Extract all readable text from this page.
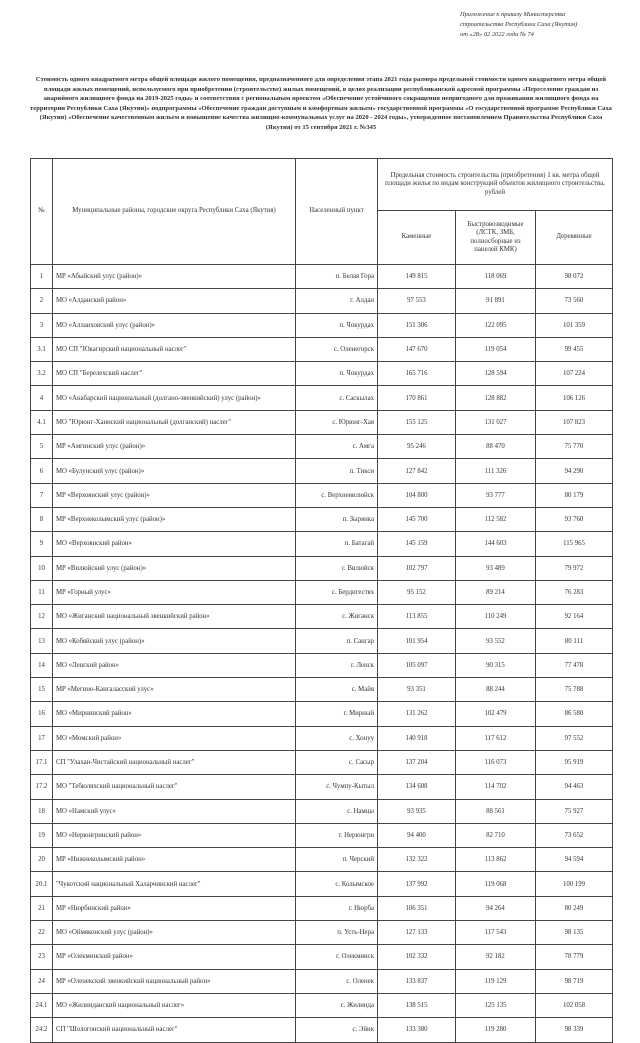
Приложение к приказу Министерства
строительства Республики Саха (Якутия)
от «28» 02 2022 года № 74
Стоимость одного квадратного метра общей площади жилого помещения, предназначенного для определения этапа 2021 года размера предельной стоимости одного квадратного метра общей площади жилых помещений, используемого при приобретении (строительстве) жилых помещений, в целях реализации республиканской адресной программы «Переселение граждан из аварийного жилищного фонда на 2019-2025 годы» и соответствия с региональным проектом «Обеспечение устойчивого сокращения непригодного для проживания жилищного фонда на территории Республики Саха (Якутия)» подпрограммы «Обеспечение граждан доступным и комфортным жильем» государственной программы «О государственной программе Республики Саха (Якутия) «Обеспечение качественным жильем и повышение качества жилищно-коммунальных услуг на 2020 - 2024 годы», утвержденное постановлением Правительства Республики Саха (Якутия) от 15 сентября 2021 г. №345
№	Муниципальные районы, городские округа Республики Саха (Якутия)	Населенный пункт	Предельная стоимость строительства (приобретения) 1 кв. метра общей площади жилья по видам конструкций объектов жилищного строительства, рублей		
			Каменные	Быстровозводимые (ЛСТК, ЗМБ, полносборные из панелей КМК)	Деревянные
1	МР «Абыйский улус (район)»	п. Белая Гора	149 815	118 069	98 072
2	МО «Алданский район»	г. Алдан	97 553	91 891	73 560
3	МО «Аллаиховский улус (район)»	п. Чокурдах	151 306	122 095	101 359
3.1	МО СП "Юкагирский национальный наслег"	с. Оленегорск	147 670	119 054	99 455
3.2	МО СП "Берелехский наслег"	п. Чокурдах	165 716	128 594	107 224
4	МО «Анабарский национальный (долгано-эвенкийский) улус (район)»	с. Саскылах	170 861	128 882	106 126
4.1	МО "Юрюнг-Хаинский национальный (долганский) наслег"	с. Юрюнг-Хая	155 125	131 027	107 823
5	МР «Амгинский улус (район)»	с. Амга	95 246	88 470	75 770
6	МО «Булунский улус (район)»	п. Тикси	127 842	111 326	94 290
7	МР «Верхоянский улус (район)»	с. Верхневилюйск	104 800	93 777	80 179
8	МР «Верхнеколымский улус (район)»	п. Зырянка	145 700	112 582	93 760
9	МО «Верхоянский район»	п. Батагай	145 159	144 603	115 965
10	МР «Вилюйский улус (район)»	г. Вилюйск	102 797	93 489	79 972
11	МР «Горный улус»	с. Бердигестях	95 152	89 214	76 283
12	МО «Жиганский национальный эвенкийский район»	с. Жиганск	113 855	110 249	92 164
13	МО «Кобяйский улус (район)»	п. Сангар	101 954	93 552	80 111
14	МО «Ленский район»	г. Ленск	105 097	90 315	77 478
15	МР «Мегино-Кангаласский улус»	с. Майя	93 351	88 244	75 788
16	МО «Мирнинский район»	г. Мирный	131 262	102 479	86 580
17	МО «Момский район»	с. Хонуу	140 918	117 612	97 552
17.1	СП "Улахан-Чистайский национальный наслег"	с. Сасыр	137 204	116 073	95 919
17.2	МО "Тебюляхский национальный наслег"	с. Чумпу-Кытыл	134 608	114 702	94 463
18	МО «Намский улус»	с. Намцы	93 935	88 561	75 927
19	МО «Нерюнгринский район»	г. Нерюнгри	94 400	82 710	73 652
20	МР «Нижнеколымский район»	п. Черский	132 322	113 862	94 594
20.1	"Чукотский национальный Халарчинский наслег"	с. Колымское	137 992	119 068	100 199
21	МР «Нюрбинский район»	г. Нюрба	106 351	94 264	80 249
22	МО «Оймяконский улус (район)»	п. Усть-Нера	127 133	117 543	98 135
23	МР «Олекминский район»	г. Олекминск	102 332	92 182	78 779
24	МР «Оленекский эвенкийский национальный район»	с. Оленек	133 837	119 129	98 719
24.1	МО «Жилинданский национальный наслег»	с. Жилинда	138 515	125 135	102 058
24.2	СП "Шологонский национальный наслег"	с. Эйик	133 380	119 280	98 339
